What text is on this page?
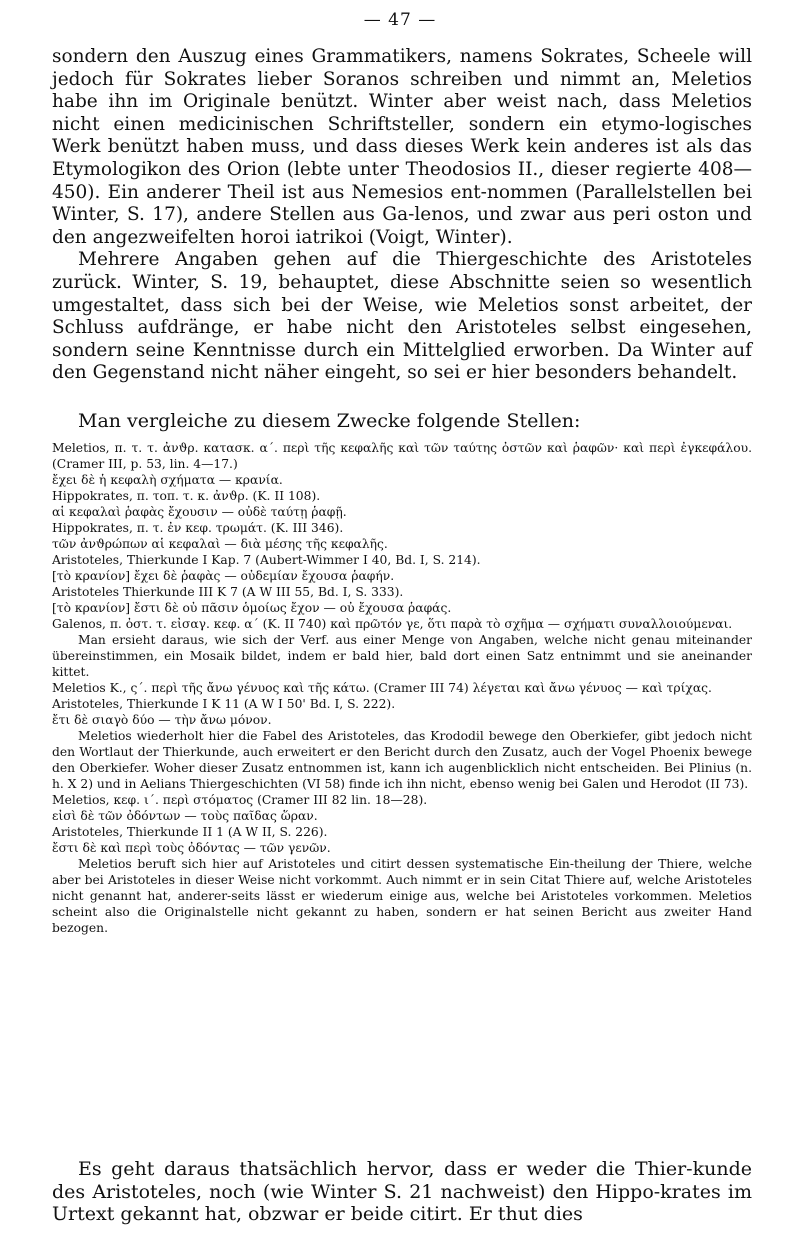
— 47 —

sondern den Auszug eines Grammatikers, namens Sokrates, Scheele will jedoch für Sokrates lieber Soranos schreiben und nimmt an, Meletios habe ihn im Originale benützt. Winter aber weist nach, dass Meletios nicht einen medicinischen Schriftsteller, sondern ein etymo-logisches Werk benützt haben muss, und dass dieses Werk kein anderes ist als das Etymologikon des Orion (lebte unter Theodosios II., dieser regierte 408—450). Ein anderer Theil ist aus Nemesios ent-nommen (Parallelstellen bei Winter, S. 17), andere Stellen aus Ga-lenos, und zwar aus peri oston und den angezweifelten horoi iatrikoi (Voigt, Winter).

Mehrere Angaben gehen auf die Thiergeschichte des Aristoteles zurück. Winter, S. 19, behauptet, diese Abschnitte seien so wesentlich umgestaltet, dass sich bei der Weise, wie Meletios sonst arbeitet, der Schluss aufdränge, er habe nicht den Aristoteles selbst eingesehen, sondern seine Kenntnisse durch ein Mittelglied erworben. Da Winter auf den Gegenstand nicht näher eingeht, so sei er hier besonders behandelt.

Man vergleiche zu diesem Zwecke folgende Stellen:

Meletios, π. τ. τ. ἀνϑρ. κατασκ. α΄. περὶ τῆς κεφαλῆς καὶ τῶν ταύτης ὀστῶν καὶ ῥαφῶν· καὶ περὶ ἐγκεφάλου. (Cramer III, p. 53, lin. 4—17.)

ἔχει δὲ ἡ κεφαλὴ σχήματα — κρανία.

Hippokrates, π. τοπ. τ. κ. ἀνϑρ. (K. II 108).

αἱ κεφαλαὶ ῥαφὰς ἔχουσιν — οὐδὲ ταύτῃ ῥαφῇ.

Hippokrates, π. τ. ἐν κεφ. τρωμάτ. (K. III 346).

τῶν ἀνϑρώπων αἱ κεφαλαὶ — διὰ μέσης τῆς κεφαλῆς.

Aristoteles, Thierkunde I Kap. 7 (Aubert-Wimmer I 40, Bd. I, S. 214).

[τὸ κρανίον] ἔχει δὲ ῥαφὰς — οὐδεμίαν ἔχουσα ῥαφήν.

Aristoteles Thierkunde III K 7 (A W III 55, Bd. I, S. 333).

[τὸ κρανίον] ἔστι δὲ οὐ πᾶσιν ὁμοίως ἔχον — οὐ ἔχουσα ῥαφάς.

Galenos, π. ὀστ. τ. εἰσαγ. κεφ. α΄ (K. II 740) καὶ πρῶτόν γε, ὅτι παρὰ τὸ σχῆμα — σχήματι συναλλοιούμεναι.

Man ersieht daraus, wie sich der Verf. aus einer Menge von Angaben, welche nicht genau miteinander übereinstimmen, ein Mosaik bildet, indem er bald hier, bald dort einen Satz entnimmt und sie aneinander kittet.

Meletios K., ς΄. περὶ τῆς ἄνω γένυος καὶ τῆς κάτω. (Cramer III 74) λέγεται καὶ ἄνω γένυος — καὶ τρίχας.

Aristoteles, Thierkunde I K 11 (A W I 50' Bd. I, S. 222).

ἔτι δὲ σιαγὸ δύο — τὴν ἄνω μόνον.

Meletios wiederholt hier die Fabel des Aristoteles, das Krododil bewege den Oberkiefer, gibt jedoch nicht den Wortlaut der Thierkunde, auch erweitert er den Bericht durch den Zusatz, auch der Vogel Phoenix bewege den Oberkiefer. Woher dieser Zusatz entnommen ist, kann ich augenblicklich nicht entscheiden. Bei Plinius (n. h. X 2) und in Aelians Thiergeschichten (VI 58) finde ich ihn nicht, ebenso wenig bei Galen und Herodot (II 73).

Meletios, κεφ. ι΄. περὶ στόματος (Cramer III 82 lin. 18—28).

εἰσὶ δὲ τῶν ὀδόντων — τοὺς παῖδας ὥραν.

Aristoteles, Thierkunde II 1 (A W II, S. 226).

ἔστι δὲ καὶ περὶ τοὺς ὀδόντας — τῶν γενῶν.

Meletios beruft sich hier auf Aristoteles und citirt dessen systematische Ein-theilung der Thiere, welche aber bei Aristoteles in dieser Weise nicht vorkommt. Auch nimmt er in sein Citat Thiere auf, welche Aristoteles nicht genannt hat, anderer-seits lässt er wiederum einige aus, welche bei Aristoteles vorkommen. Meletios scheint also die Originalstelle nicht gekannt zu haben, sondern er hat seinen Bericht aus zweiter Hand bezogen.

Es geht daraus thatsächlich hervor, dass er weder die Thier-kunde des Aristoteles, noch (wie Winter S. 21 nachweist) den Hippo-krates im Urtext gekannt hat, obzwar er beide citirt. Er thut dies
